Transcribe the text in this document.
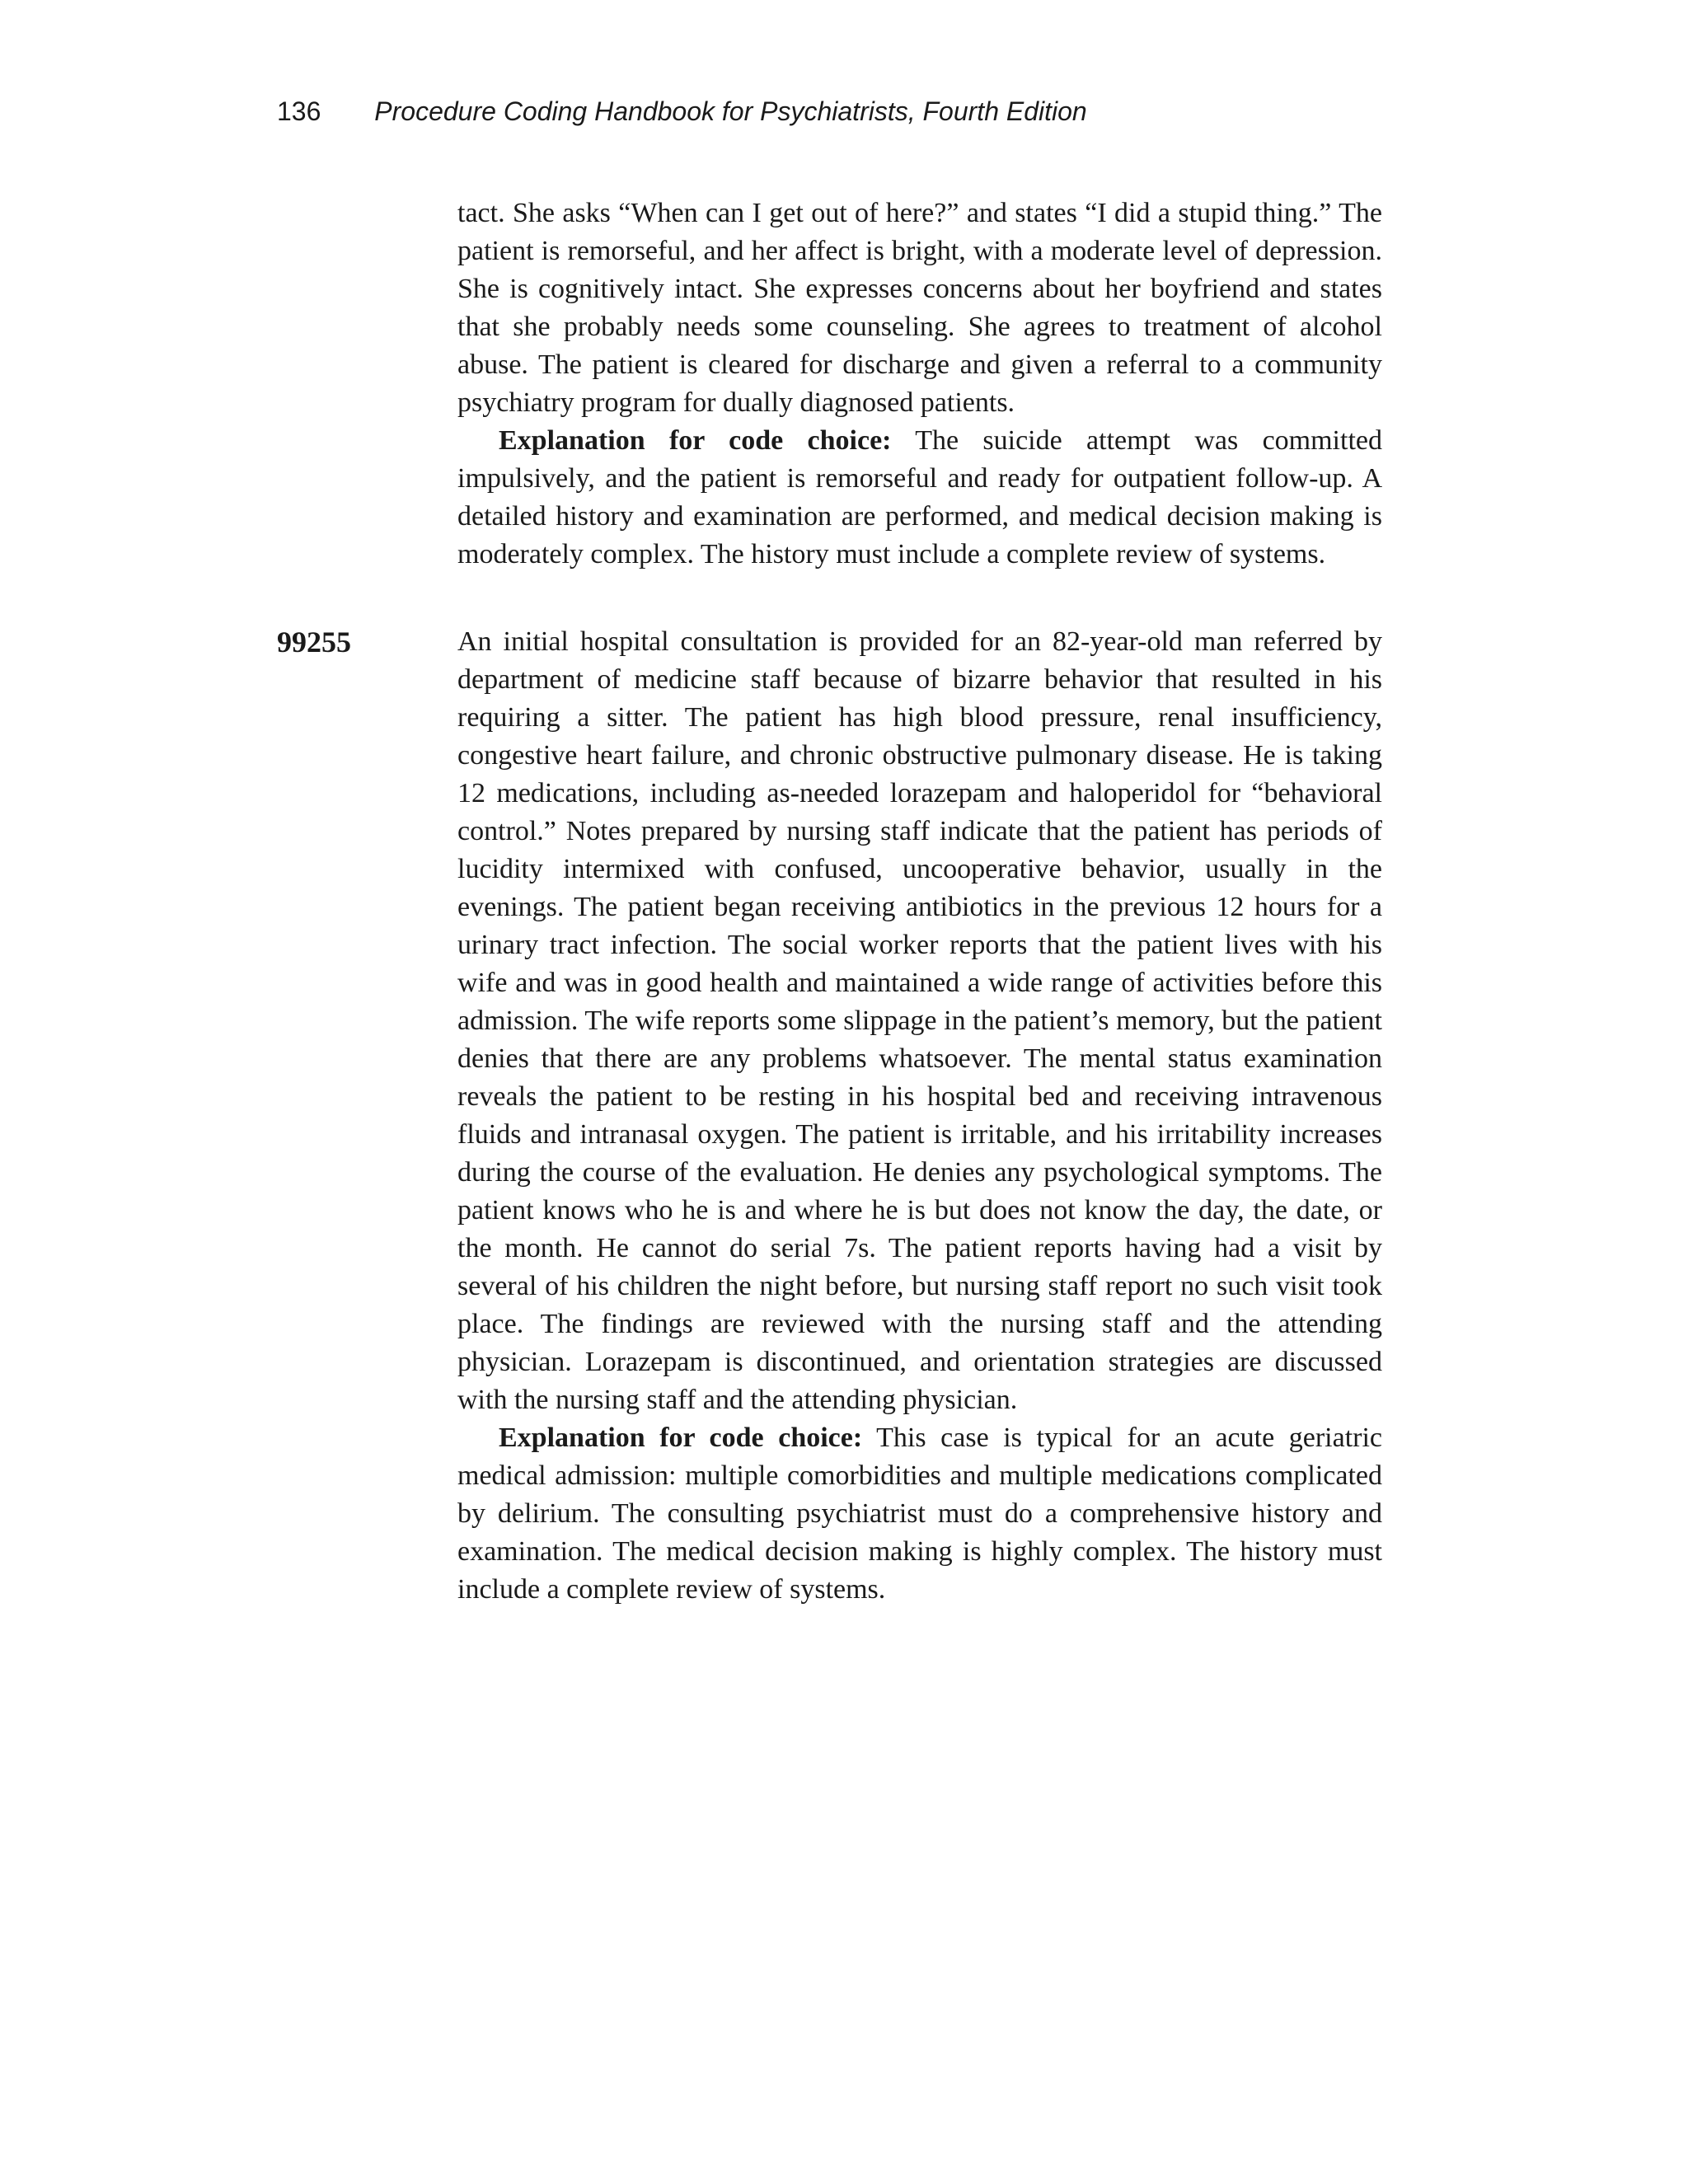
136 Procedure Coding Handbook for Psychiatrists, Fourth Edition

tact. She asks “When can I get out of here?” and states “I did a stupid thing.” The patient is remorseful, and her affect is bright, with a moderate level of depression. She is cognitively intact. She expresses concerns about her boyfriend and states that she probably needs some counseling. She agrees to treatment of alcohol abuse. The patient is cleared for discharge and given a referral to a community psychiatry program for dually diagnosed patients.

Explanation for code choice: The suicide attempt was committed impulsively, and the patient is remorseful and ready for outpatient follow-up. A detailed history and examination are performed, and medical decision making is moderately complex. The history must include a complete review of systems.

99255	An initial hospital consultation is provided for an 82-year-old man referred by department of medicine staff because of bizarre behavior that resulted in his requiring a sitter. The patient has high blood pressure, renal insufficiency, congestive heart failure, and chronic obstructive pulmonary disease. He is taking 12 medications, including as-needed lorazepam and haloperidol for “behavioral control.” Notes prepared by nursing staff indicate that the patient has periods of lucidity intermixed with confused, uncooperative behavior, usually in the evenings. The patient began receiving antibiotics in the previous 12 hours for a urinary tract infection. The social worker reports that the patient lives with his wife and was in good health and maintained a wide range of activities before this admission. The wife reports some slippage in the patient’s memory, but the patient denies that there are any problems whatsoever. The mental status examination reveals the patient to be resting in his hospital bed and receiving intravenous fluids and intranasal oxygen. The patient is irritable, and his irritability increases during the course of the evaluation. He denies any psychological symptoms. The patient knows who he is and where he is but does not know the day, the date, or the month. He cannot do serial 7s. The patient reports having had a visit by several of his children the night before, but nursing staff report no such visit took place. The findings are reviewed with the nursing staff and the attending physician. Lorazepam is discontinued, and orientation strategies are discussed with the nursing staff and the attending physician.

Explanation for code choice: This case is typical for an acute geriatric medical admission: multiple comorbidities and multiple medications complicated by delirium. The consulting psychiatrist must do a comprehensive history and examination. The medical decision making is highly complex. The history must include a complete review of systems.
